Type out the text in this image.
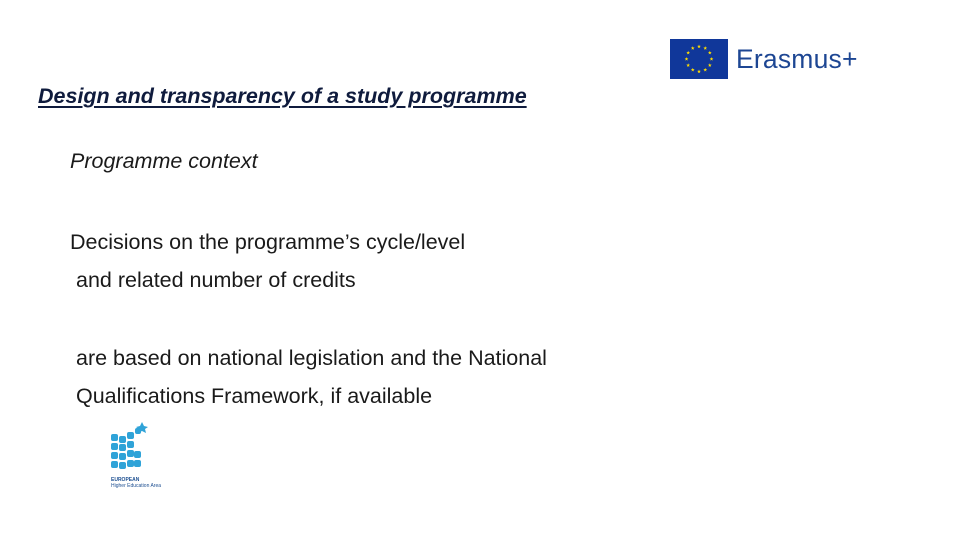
Design and transparency of a study programme
Programme context
Decisions on the programme’s cycle/level
and related number of credits
are based on national legislation and the National
Qualifications Framework, if available
Erasmus+
EUROPEAN
Higher Education Area
